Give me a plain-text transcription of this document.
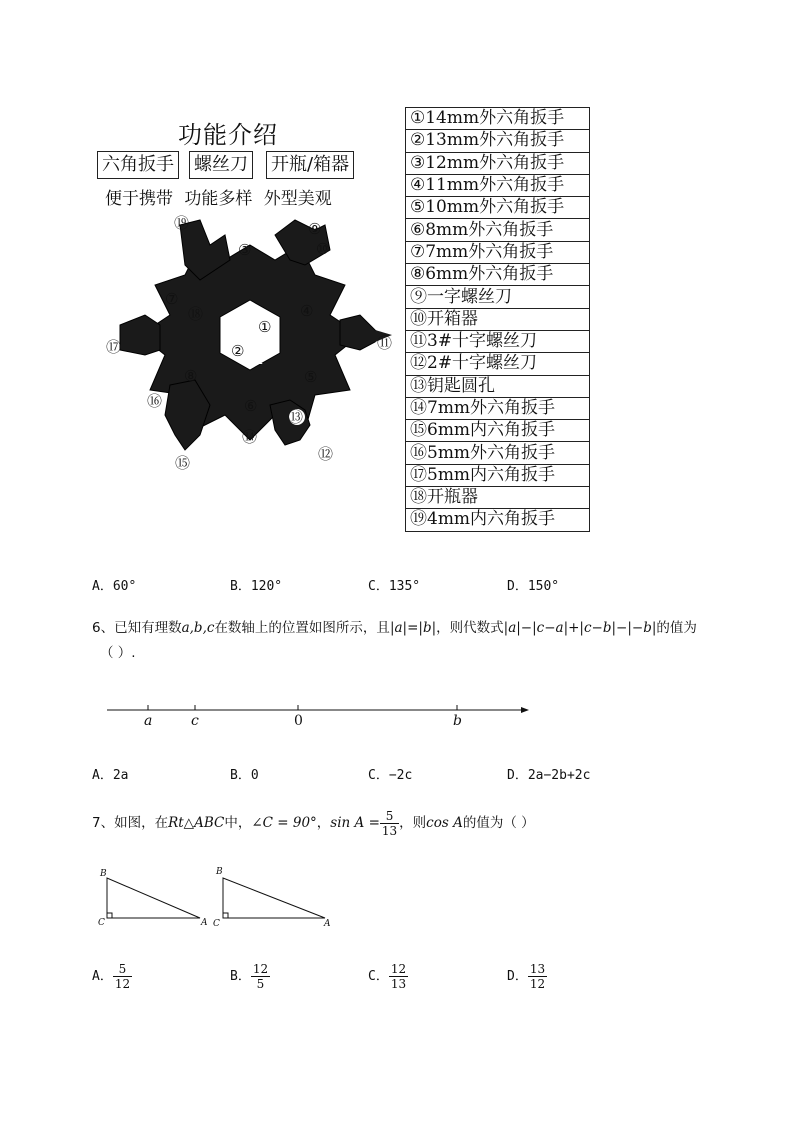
功能介绍
六角扳手 螺丝刀 开瓶/箱器
便于携带 功能多样 外型美观
⑲	⑨
⑩
③
⑦
⑱	④
①
⑰	⑪
② a
⑧	⑤
⑯	⑥
⑬
⑭
⑫
⑮
①14mm外六角扳手
②13mm外六角扳手
③12mm外六角扳手
④11mm外六角扳手
⑤10mm外六角扳手
⑥8mm外六角扳手
⑦7mm外六角扳手
⑧6mm外六角扳手
⑨一字螺丝刀
⑩开箱器
⑪3#十字螺丝刀
⑫2#十字螺丝刀
⑬钥匙圆孔
⑭7mm外六角扳手
⑮6mm内六角扳手
⑯5mm外六角扳手
⑰5mm内六角扳手
⑱开瓶器
⑲4mm内六角扳手
A．60°	B．120°	C．135°	D．150°
6、已知有理数a,b,c在数轴上的位置如图所示，且|a|=|b|，则代数式|a|−|c−a|+|c−b|−|−b|的值为
（ ）.
a	c	0	b
A．2a	B．0	C．−2c	D．2a−2b+2c
7、如图，在Rt△ABC中，∠C = 90°，$\sin A = \frac{5}{13}$ ，则cos A的值为（ ）
B
C	A
B
C	A
A． $\frac{5}{12}$	B． $\frac{12}{5}$	C． $\frac{12}{13}$	D． $\frac{13}{12}$
